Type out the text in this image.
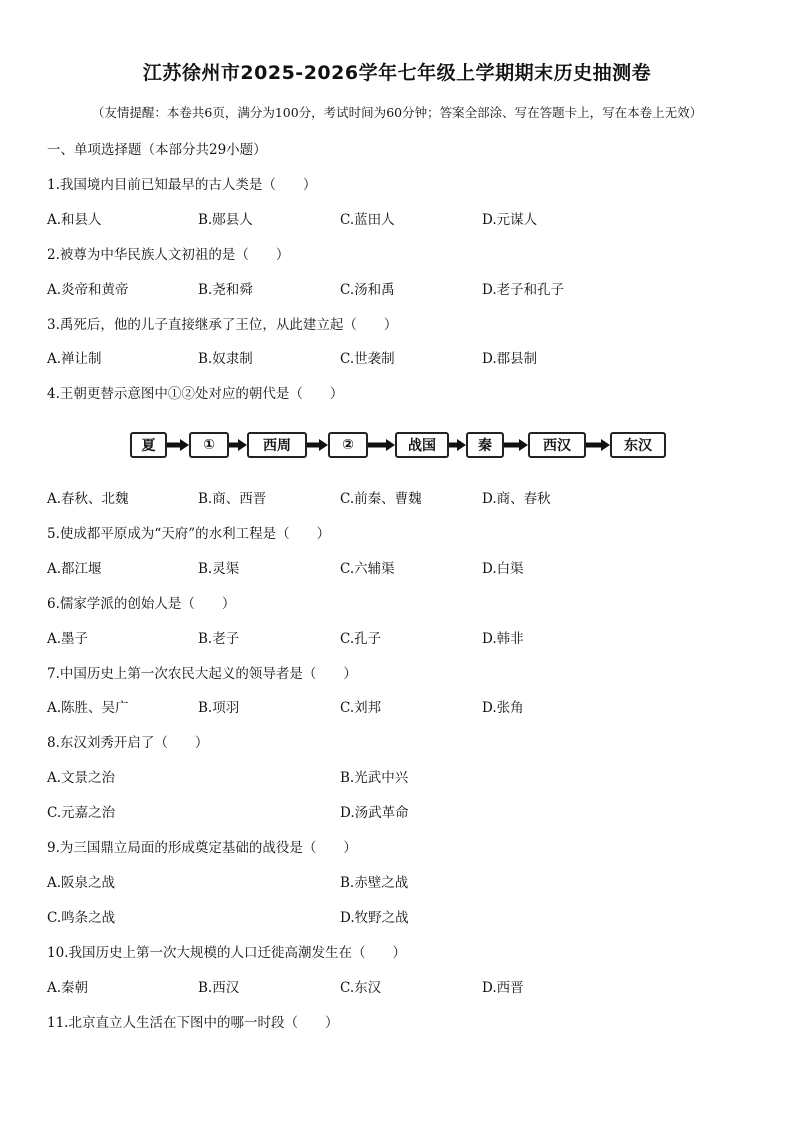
江苏徐州市2025-2026学年七年级上学期期末历史抽测卷

（友情提醒：本卷共6页，满分为100分，考试时间为60分钟；答案全部涂、写在答题卡上，写在本卷上无效）

一、单项选择题（本部分共29小题）

1.我国境内目前已知最早的古人类是（　　）

A.和县人	B.郧县人	C.蓝田人	D.元谋人

2.被尊为中华民族人文初祖的是（　　）

A.炎帝和黄帝	B.尧和舜	C.汤和禹	D.老子和孔子

3.禹死后，他的儿子直接继承了王位，从此建立起（　　）

A.禅让制	B.奴隶制	C.世袭制	D.郡县制

4.王朝更替示意图中①②处对应的朝代是（　　）

夏	①	西周	②	战国	秦	西汉	东汉

A.春秋、北魏	B.商、西晋	C.前秦、曹魏	D.商、春秋

5.使成都平原成为“天府”的水利工程是（　　）

A.都江堰	B.灵渠	C.六辅渠	D.白渠

6.儒家学派的创始人是（　　）

A.墨子	B.老子	C.孔子	D.韩非

7.中国历史上第一次农民大起义的领导者是（　　）

A.陈胜、吴广	B.项羽	C.刘邦	D.张角

8.东汉刘秀开启了（　　）

A.文景之治	B.光武中兴

C.元嘉之治	D.汤武革命

9.为三国鼎立局面的形成奠定基础的战役是（　　）

A.阪泉之战	B.赤壁之战

C.鸣条之战	D.牧野之战

10.我国历史上第一次大规模的人口迁徙高潮发生在（　　）

A.秦朝	B.西汉	C.东汉	D.西晋

11.北京直立人生活在下图中的哪一时段（　　）
